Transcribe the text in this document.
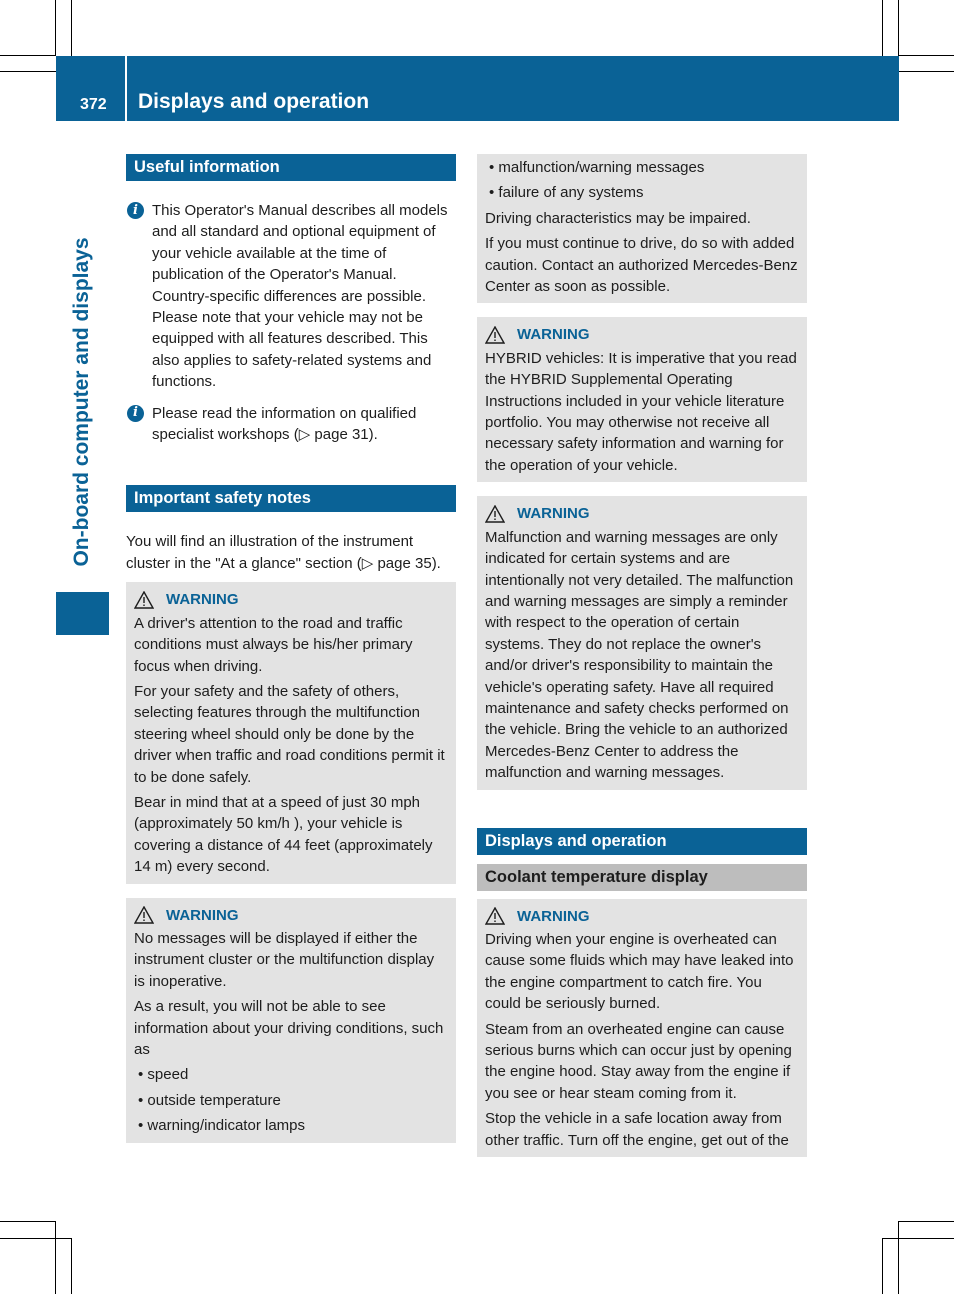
372 Displays and operation
On-board computer and displays
Useful information
i This Operator's Manual describes all models and all standard and optional equipment of your vehicle available at the time of publication of the Operator's Manual. Country-specific differences are possible. Please note that your vehicle may not be equipped with all features described. This also applies to safety-related systems and functions.
i Please read the information on qualified specialist workshops (▷ page 31).
Important safety notes
You will find an illustration of the instrument cluster in the "At a glance" section (▷ page 35).
WARNING

A driver's attention to the road and traffic conditions must always be his/her primary focus when driving.

For your safety and the safety of others, selecting features through the multifunction steering wheel should only be done by the driver when traffic and road conditions permit it to be done safely.

Bear in mind that at a speed of just 30 mph (approximately 50 km/h ), your vehicle is covering a distance of 44 feet (approximately 14 m) every second.

WARNING

No messages will be displayed if either the instrument cluster or the multifunction display is inoperative.

As a result, you will not be able to see information about your driving conditions, such as

• speed

• outside temperature

• warning/indicator lamps

• malfunction/warning messages

• failure of any systems

Driving characteristics may be impaired.

If you must continue to drive, do so with added caution. Contact an authorized Mercedes-Benz Center as soon as possible.

WARNING

HYBRID vehicles: It is imperative that you read the HYBRID Supplemental Operating Instructions included in your vehicle literature portfolio. You may otherwise not receive all necessary safety information and warning for the operation of your vehicle.

WARNING

Malfunction and warning messages are only indicated for certain systems and are intentionally not very detailed. The malfunction and warning messages are simply a reminder with respect to the operation of certain systems. They do not replace the owner's and/or driver's responsibility to maintain the vehicle's operating safety. Have all required maintenance and safety checks performed on the vehicle. Bring the vehicle to an authorized Mercedes-Benz Center to address the malfunction and warning messages.

Displays and operation
Coolant temperature display
WARNING

Driving when your engine is overheated can cause some fluids which may have leaked into the engine compartment to catch fire. You could be seriously burned.

Steam from an overheated engine can cause serious burns which can occur just by opening the engine hood. Stay away from the engine if you see or hear steam coming from it.

Stop the vehicle in a safe location away from other traffic. Turn off the engine, get out of the
